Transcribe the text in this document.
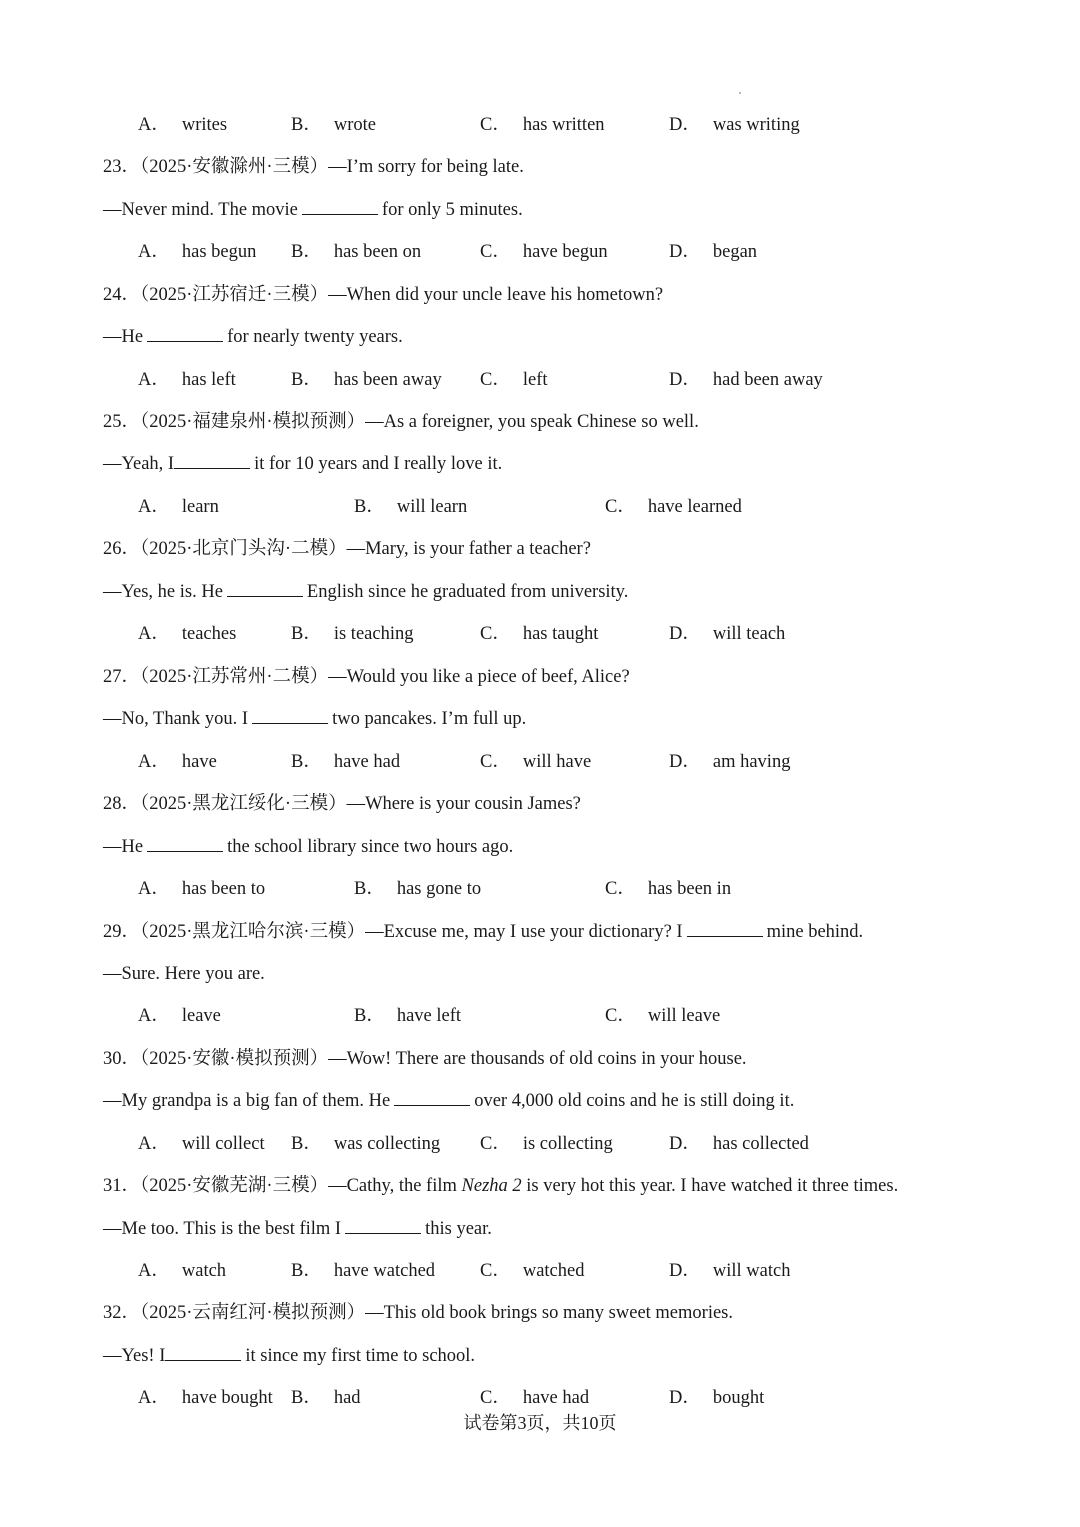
A． writes	B． wrote	C． has written	D． was writing
23．（2025·安徽滁州·三模）—I’m sorry for being late.
—Never mind. The movie	for only 5 minutes.
A． has begun B． has been on	C． have begun	D． began
24．（2025·江苏宿迁·三模）—When did your uncle leave his hometown?
—He	for nearly twenty years.
A． has left	B． has been away C． left	D． had been away
25．（2025·福建泉州·模拟预测）—As a foreigner, you speak Chinese so well.
—Yeah, I	it for 10 years and I really love it.
A． learn	B． will learn	C． have learned
26．（2025·北京门头沟·二模）—Mary, is your father a teacher?
—Yes, he is. He	English since he graduated from university.
A． teaches	B． is teaching	C． has taught	D． will teach
27．（2025·江苏常州·二模）—Would you like a piece of beef, Alice?
—No, Thank you. I	two pancakes. I’m full up.
A． have	B． have had	C． will have	D． am having
28．（2025·黑龙江绥化·三模）—Where is your cousin James?
—He	the school library since two hours ago.
A． has been to	B． has gone to	C． has been in
29．（2025·黑龙江哈尔滨·三模）—Excuse me, may I use your dictionary? I	mine behind.
—Sure. Here you are.
A． leave	B． have left	C． will leave
30．（2025·安徽·模拟预测）—Wow! There are thousands of old coins in your house.
—My grandpa is a big fan of them. He	over 4,000 old coins and he is still doing it.
A． will collect B． was collecting C． is collecting	D． has collected
31．（2025·安徽芜湖·三模）—Cathy, the film Nezha 2 is very hot this year. I have watched it three times.
—Me too. This is the best film I	this year.
A． watch	B． have watched C． watched	D． will watch
32．（2025·云南红河·模拟预测）—This old book brings so many sweet memories.
—Yes! I	it since my first time to school.
A． have bought B． had	C． have had	D． bought
试卷第3页，共10页
